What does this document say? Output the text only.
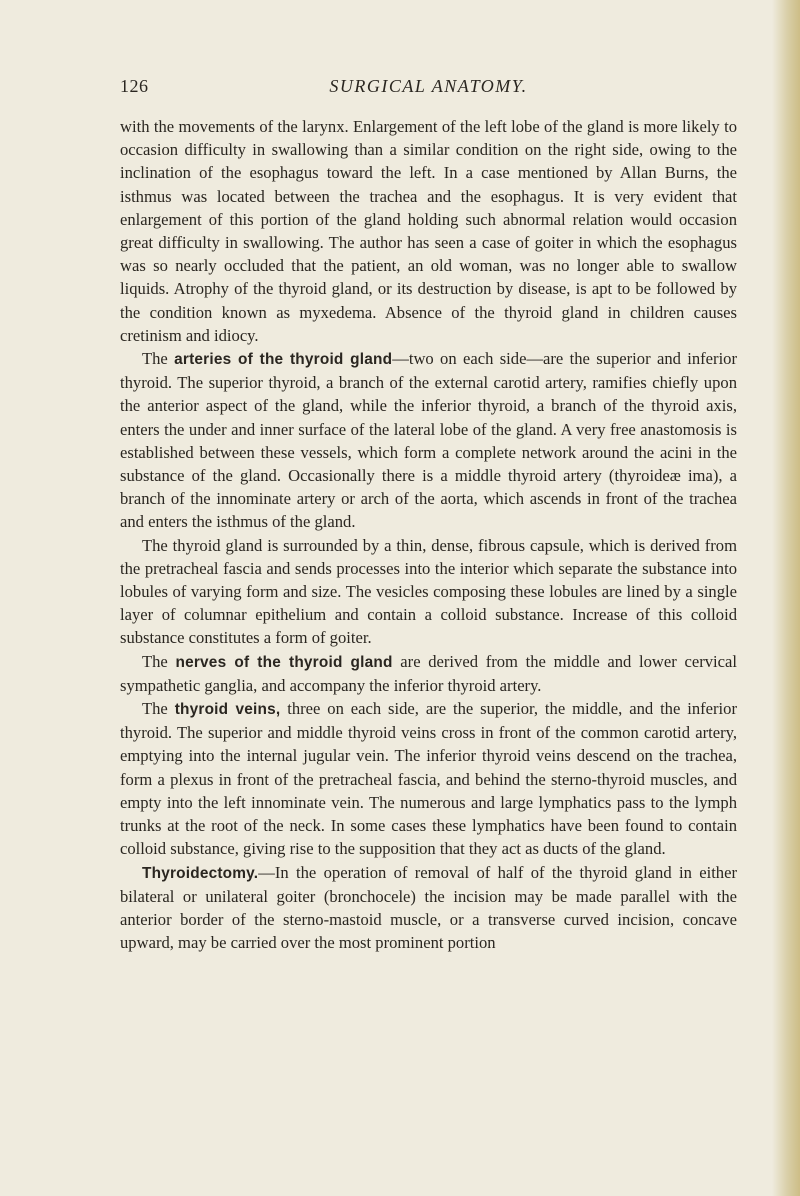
126	SURGICAL ANATOMY.

with the movements of the larynx. Enlargement of the left lobe of the gland is more likely to occasion difficulty in swallowing than a similar condition on the right side, owing to the inclination of the esophagus toward the left. In a case mentioned by Allan Burns, the isthmus was located between the trachea and the esophagus. It is very evident that enlargement of this portion of the gland holding such abnormal relation would occasion great difficulty in swallowing. The author has seen a case of goiter in which the esophagus was so nearly occluded that the patient, an old woman, was no longer able to swallow liquids. Atrophy of the thyroid gland, or its destruction by disease, is apt to be followed by the condition known as myxedema. Absence of the thyroid gland in children causes cretinism and idiocy.

The arteries of the thyroid gland—two on each side—are the superior and inferior thyroid. The superior thyroid, a branch of the external carotid artery, ramifies chiefly upon the anterior aspect of the gland, while the inferior thyroid, a branch of the thyroid axis, enters the under and inner surface of the lateral lobe of the gland. A very free anastomosis is established between these vessels, which form a complete network around the acini in the substance of the gland. Occasionally there is a middle thyroid artery (thyroideæ ima), a branch of the innominate artery or arch of the aorta, which ascends in front of the trachea and enters the isthmus of the gland.

The thyroid gland is surrounded by a thin, dense, fibrous capsule, which is derived from the pretracheal fascia and sends processes into the interior which separate the substance into lobules of varying form and size. The vesicles composing these lobules are lined by a single layer of columnar epithelium and contain a colloid substance. Increase of this colloid substance constitutes a form of goiter.

The nerves of the thyroid gland are derived from the middle and lower cervical sympathetic ganglia, and accompany the inferior thyroid artery.

The thyroid veins, three on each side, are the superior, the middle, and the inferior thyroid. The superior and middle thyroid veins cross in front of the common carotid artery, emptying into the internal jugular vein. The inferior thyroid veins descend on the trachea, form a plexus in front of the pretracheal fascia, and behind the sterno-thyroid muscles, and empty into the left innominate vein. The numerous and large lymphatics pass to the lymph trunks at the root of the neck. In some cases these lymphatics have been found to contain colloid substance, giving rise to the supposition that they act as ducts of the gland.

Thyroidectomy.—In the operation of removal of half of the thyroid gland in either bilateral or unilateral goiter (bronchocele) the incision may be made parallel with the anterior border of the sterno-mastoid muscle, or a transverse curved incision, concave upward, may be carried over the most prominent portion
